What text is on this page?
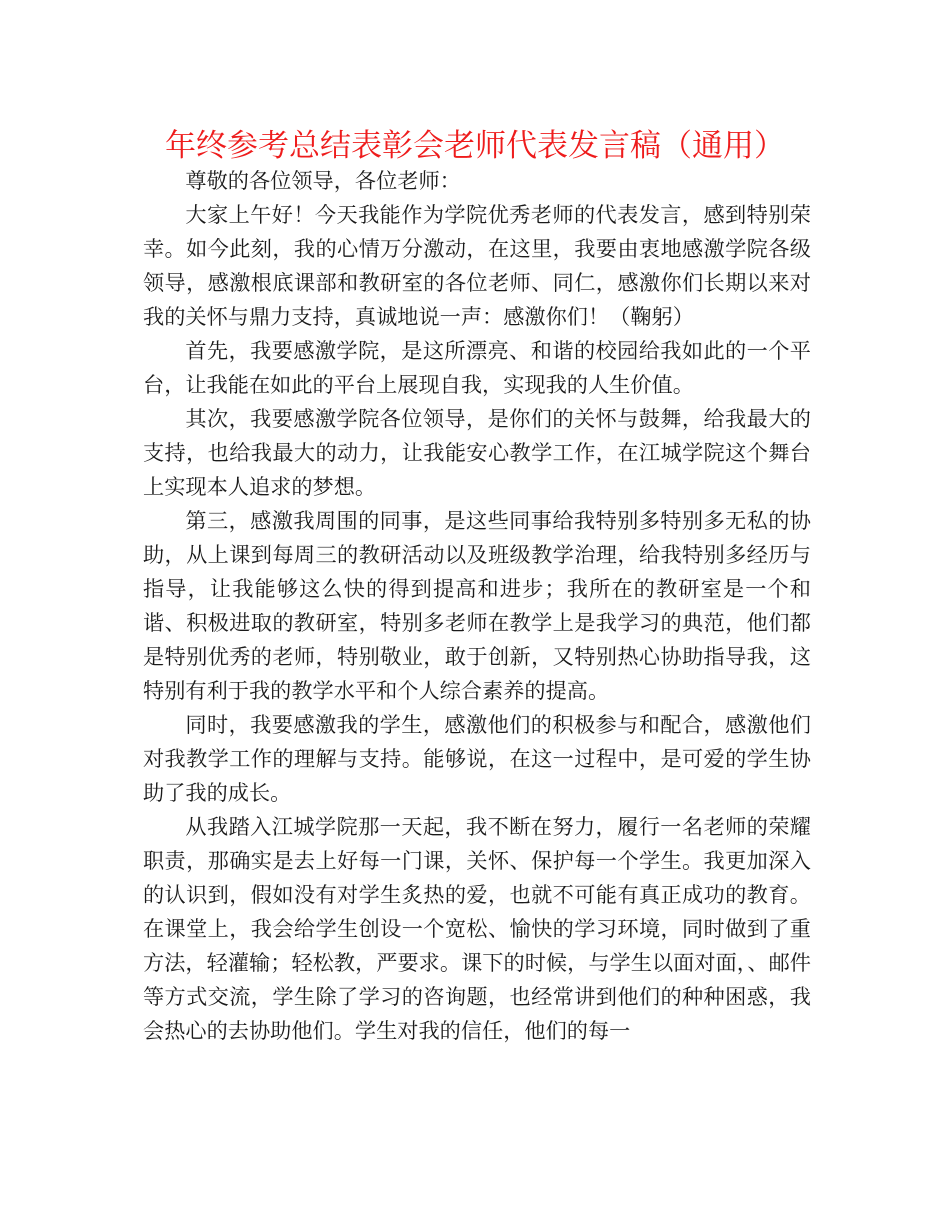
年终参考总结表彰会老师代表发言稿（通用）

尊敬的各位领导，各位老师：

大家上午好！今天我能作为学院优秀老师的代表发言，感到特别荣幸。如今此刻，我的心情万分激动，在这里，我要由衷地感激学院各级领导，感激根底课部和教研室的各位老师、同仁，感激你们长期以来对我的关怀与鼎力支持，真诚地说一声：感激你们！（鞠躬）

首先，我要感激学院，是这所漂亮、和谐的校园给我如此的一个平台，让我能在如此的平台上展现自我，实现我的人生价值。

其次，我要感激学院各位领导，是你们的关怀与鼓舞，给我最大的支持，也给我最大的动力，让我能安心教学工作，在江城学院这个舞台上实现本人追求的梦想。

第三，感激我周围的同事，是这些同事给我特别多特别多无私的协助，从上课到每周三的教研活动以及班级教学治理，给我特别多经历与指导，让我能够这么快的得到提高和进步；我所在的教研室是一个和谐、积极进取的教研室，特别多老师在教学上是我学习的典范，他们都是特别优秀的老师，特别敬业，敢于创新，又特别热心协助指导我，这特别有利于我的教学水平和个人综合素养的提高。

同时，我要感激我的学生，感激他们的积极参与和配合，感激他们对我教学工作的理解与支持。能够说，在这一过程中，是可爱的学生协助了我的成长。

从我踏入江城学院那一天起，我不断在努力，履行一名老师的荣耀职责，那确实是去上好每一门课，关怀、保护每一个学生。我更加深入的认识到，假如没有对学生炙热的爱，也就不可能有真正成功的教育。在课堂上，我会给学生创设一个宽松、愉快的学习环境，同时做到了重方法，轻灌输；轻松教，严要求。课下的时候，与学生以面对面，、邮件等方式交流，学生除了学习的咨询题，也经常讲到他们的种种困惑，我会热心的去协助他们。学生对我的信任，他们的每一
